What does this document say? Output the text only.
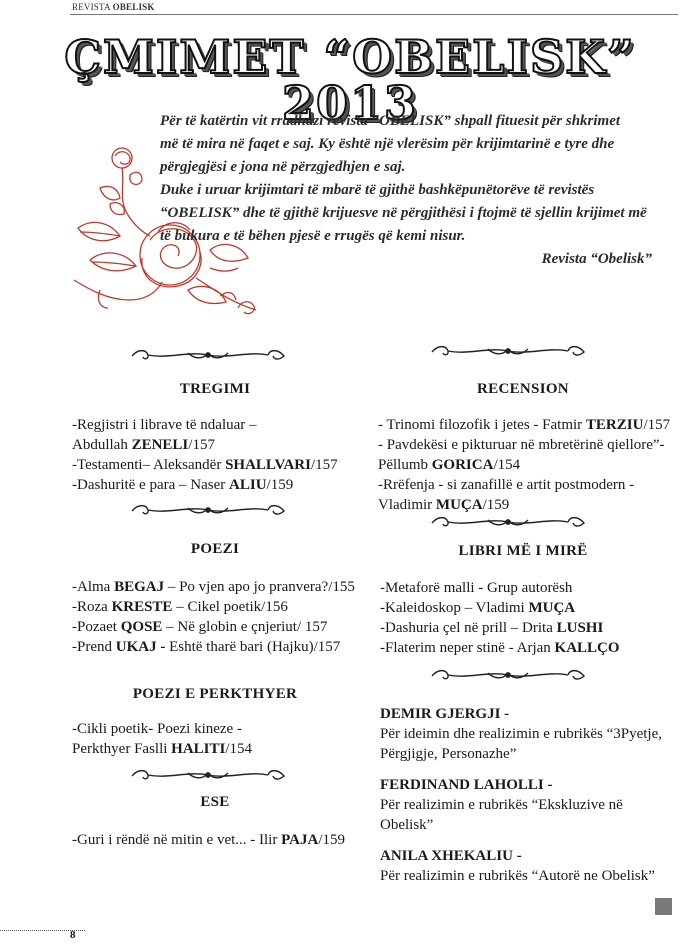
REVISTA OBELISK
ÇMIMET “OBELISK” 2013

Për të katërtin vit rradhazi revista “OBELISK” shpall fituesit për shkrimet

më të mira në faqet e saj. Ky është një vlerësim për krijimtarinë e tyre dhe

përgjegjësi e jona në përzgjedhjen e saj.

Duke i uruar krijimtari të mbarë të gjithë bashkëpunëtorëve të revistës

“OBELISK” dhe të gjithë krijuesve në përgjithësi i ftojmë të sjellin krijimet më

të bukura e të bëhen pjesë e rrugës që kemi nisur.

Revista “Obelisk”

TREGIMI
-Regjistri i librave të ndaluar –
Abdullah ZENELI/157
-Testamenti– Aleksandër SHALLVARI/157
-Dashuritë e para – Naser ALIU/159
POEZI
-Alma BEGAJ – Po vjen apo jo pranvera?/155
-Roza KRESTE – Cikel poetik/156
-Pozaet QOSE – Në globin e çnjeriut/ 157
-Prend UKAJ - Eshtë tharë bari (Hajku)/157
POEZI E PERKTHYER
-Cikli poetik- Poezi kineze -
Perkthyer Faslli HALITI/154
ESE
-Guri i rëndë në mitin e vet... - Ilir PAJA/159
RECENSION
- Trinomi filozofik i jetes - Fatmir TERZIU/157
- Pavdekësi e pikturuar në mbretërinë qiellore”-
Pëllumb GORICA/154
-Rrëfenja - si zanafillë e artit postmodern -
Vladimir MUÇA/159
LIBRI MË I MIRË
-Metaforë malli - Grup autorësh
-Kaleidoskop – Vladimi MUÇA
-Dashuria çel në prill – Drita LUSHI
-Flaterim neper stinë - Arjan KALLÇO
DEMIR GJERGJI -
Për ideimin dhe realizimin e rubrikës “3Pyetje,
Përgjigje, Personazhe”
FERDINAND LAHOLLI -
Për realizimin e rubrikës “Ekskluzive në
Obelisk”
ANILA XHEKALIU -
Për realizimin e rubrikës “Autorë ne Obelisk”
8
